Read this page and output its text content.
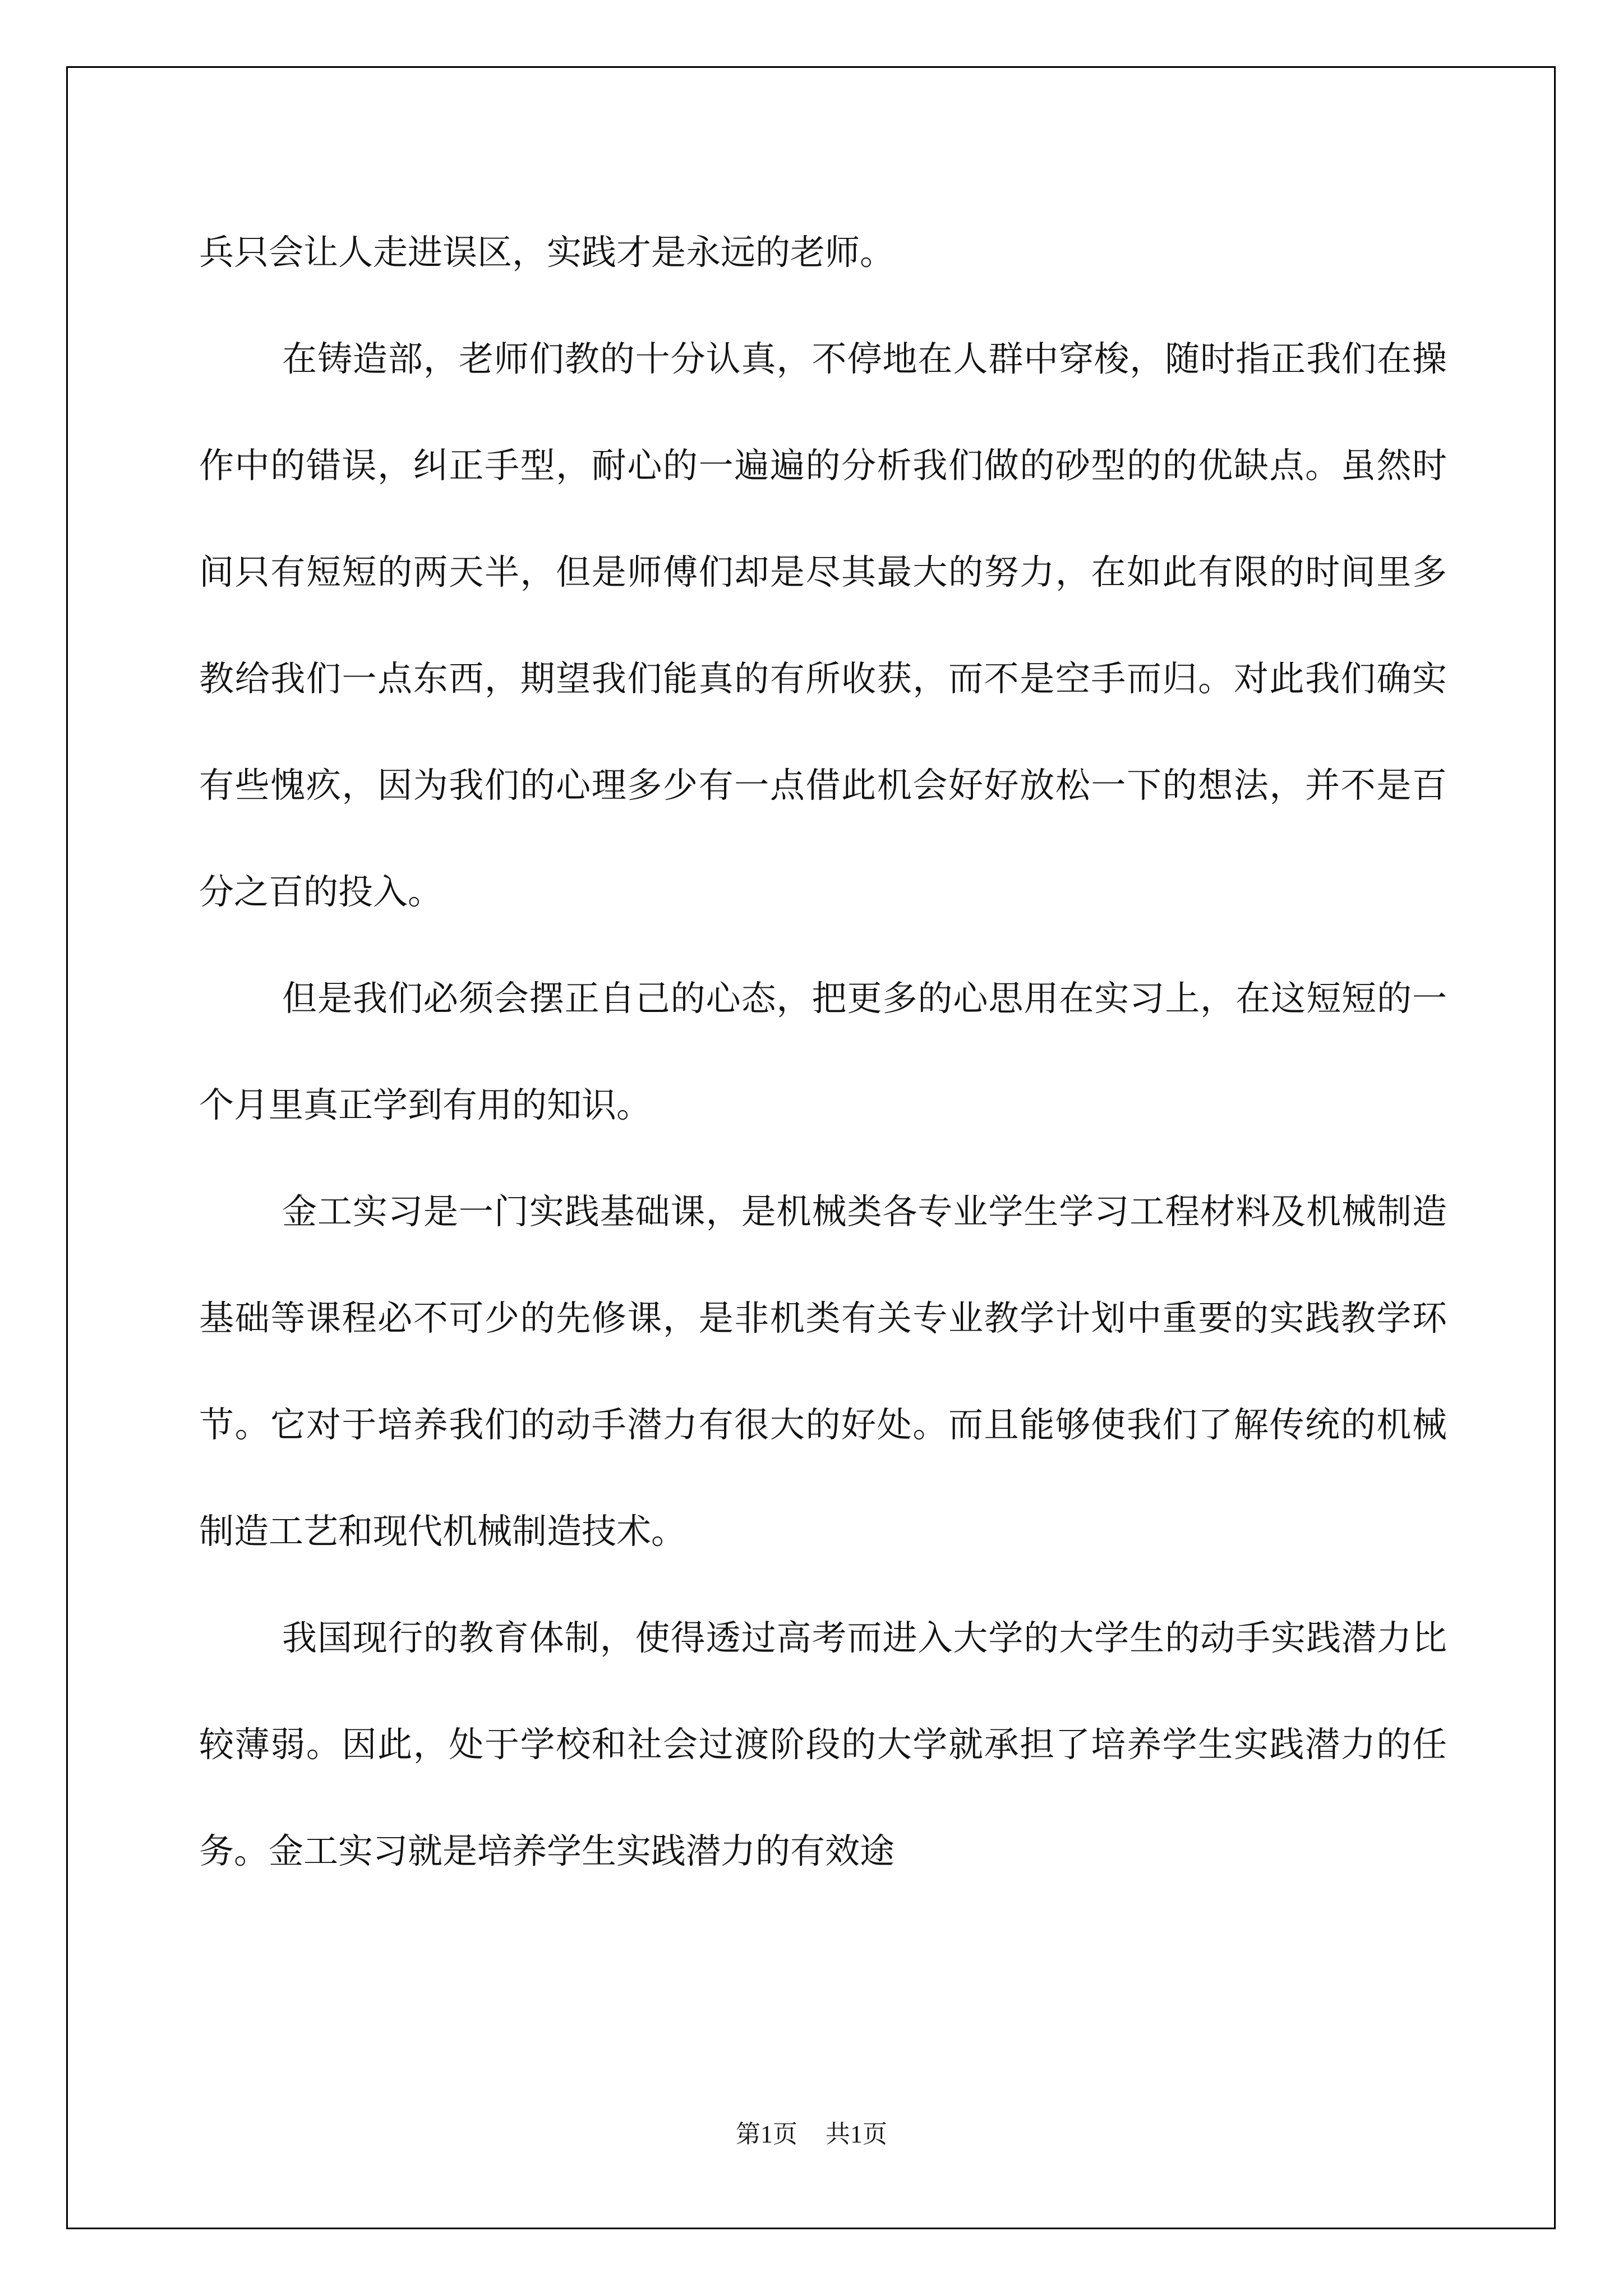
兵只会让人走进误区，实践才是永远的老师。

在铸造部，老师们教的十分认真，不停地在人群中穿梭，随时指正我们在操作中的错误，纠正手型，耐心的一遍遍的分析我们做的砂型的的优缺点。虽然时间只有短短的两天半，但是师傅们却是尽其最大的努力，在如此有限的时间里多教给我们一点东西，期望我们能真的有所收获，而不是空手而归。对此我们确实有些愧疚，因为我们的心理多少有一点借此机会好好放松一下的想法，并不是百分之百的投入。

但是我们必须会摆正自己的心态，把更多的心思用在实习上，在这短短的一个月里真正学到有用的知识。

金工实习是一门实践基础课，是机械类各专业学生学习工程材料及机械制造基础等课程必不可少的先修课，是非机类有关专业教学计划中重要的实践教学环节。它对于培养我们的动手潜力有很大的好处。而且能够使我们了解传统的机械制造工艺和现代机械制造技术。

我国现行的教育体制，使得透过高考而进入大学的大学生的动手实践潜力比较薄弱。因此，处于学校和社会过渡阶段的大学就承担了培养学生实践潜力的任务。金工实习就是培养学生实践潜力的有效途

第1页 共1页
